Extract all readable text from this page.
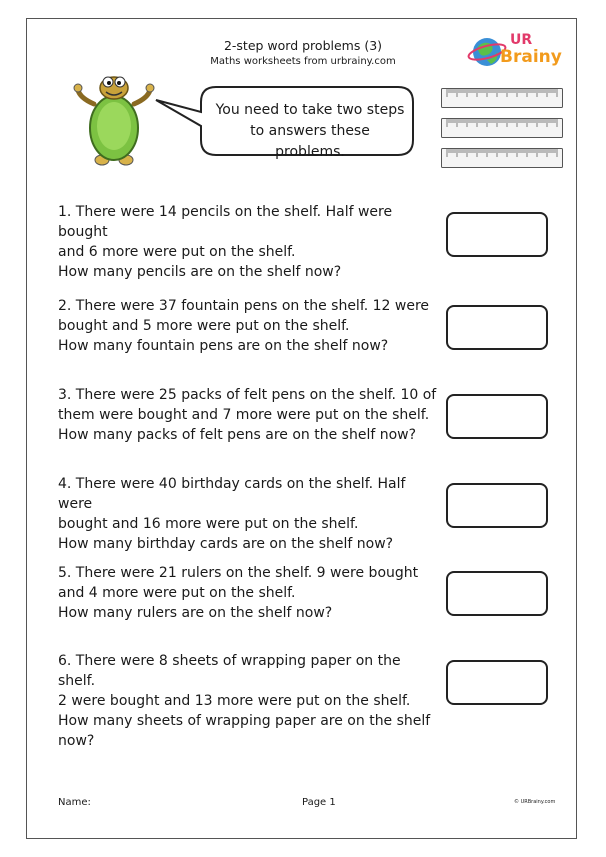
2-step word problems (3)
Maths worksheets from urbrainy.com
UR
Brainy
You need to take two steps to answers these problems.
1. There were 14 pencils on the shelf. Half were bought
and 6 more were put on the shelf.
How many pencils are on the shelf now?
2. There were 37 fountain pens on the shelf. 12 were
bought and 5 more were put on the shelf.
How many fountain pens are on the shelf now?
3. There were 25 packs of felt pens on the shelf. 10 of
them were bought and 7 more were put on the shelf.
How many packs of felt pens are on the shelf now?
4. There were 40 birthday cards on the shelf. Half were
bought and 16 more were put on the shelf.
How many birthday cards are on the shelf now?
5. There were 21 rulers on the shelf. 9 were bought
and 4 more were put on the shelf.
How many rulers are on the shelf now?
6. There were 8 sheets of wrapping paper on the shelf.
2 were bought and 13 more were put on the shelf.
How many sheets of wrapping paper are on the shelf
now?
Name:	Page 1	© URBrainy.com
